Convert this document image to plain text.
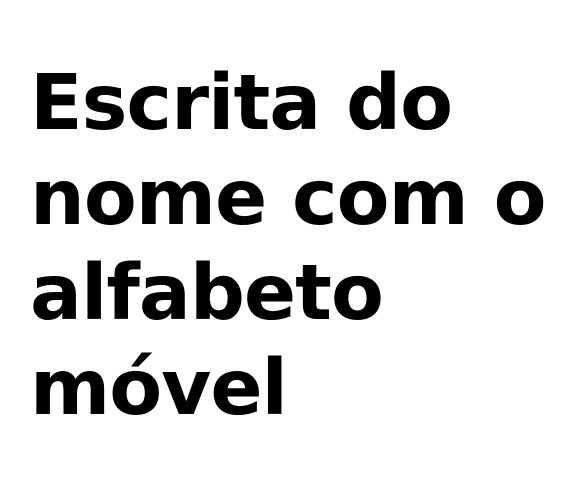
Escrita do
nome com o
alfabeto
móvel
